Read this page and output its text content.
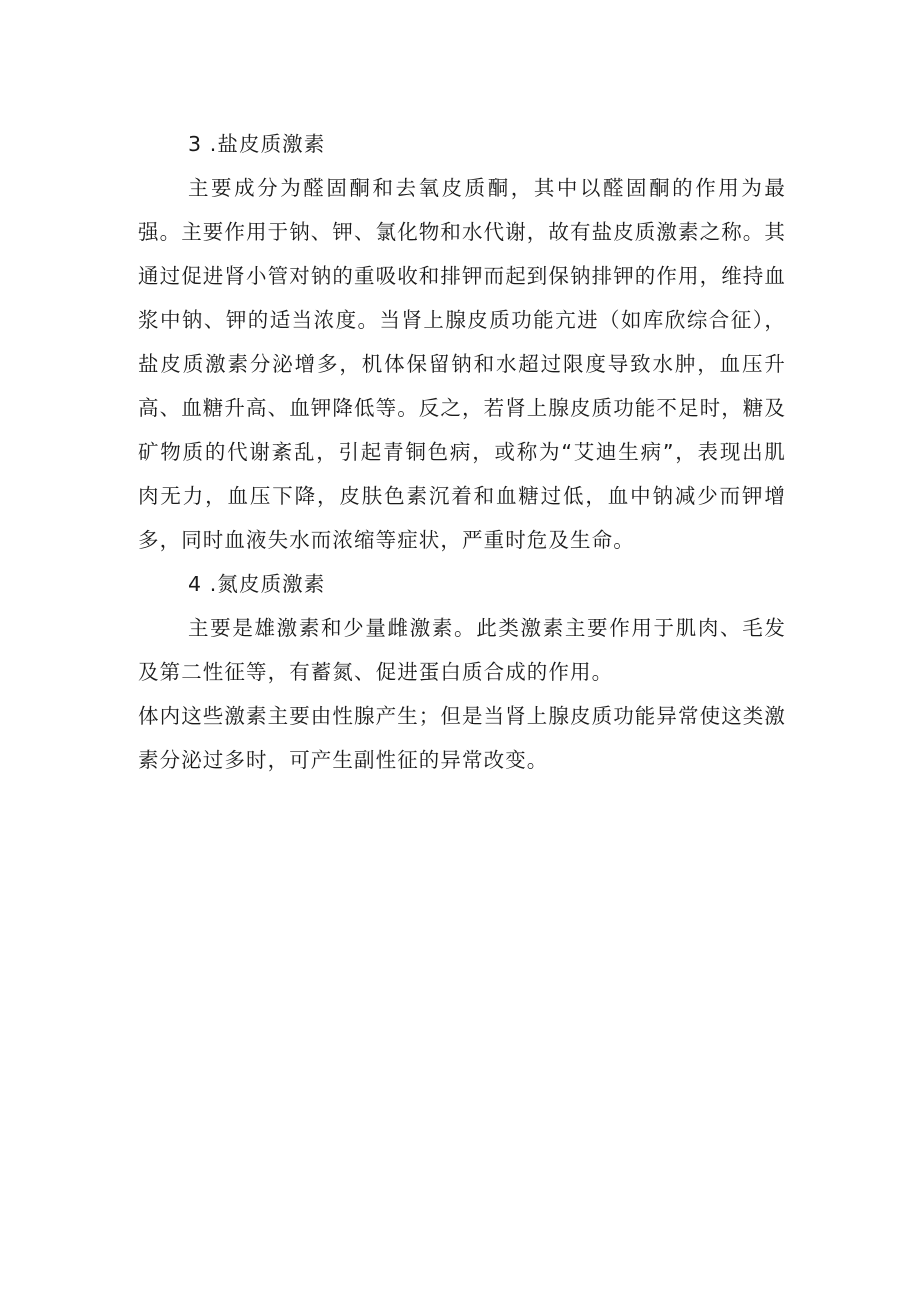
3 .盐皮质激素

主要成分为醛固酮和去氧皮质酮，其中以醛固酮的作用为最强。主要作用于钠、钾、氯化物和水代谢，故有盐皮质激素之称。其通过促进肾小管对钠的重吸收和排钾而起到保钠排钾的作用，维持血浆中钠、钾的适当浓度。当肾上腺皮质功能亢进（如库欣综合征），盐皮质激素分泌增多，机体保留钠和水超过限度导致水肿，血压升高、血糖升高、血钾降低等。反之，若肾上腺皮质功能不足时，糖及矿物质的代谢紊乱，引起青铜色病，或称为“艾迪生病”，表现出肌肉无力，血压下降，皮肤色素沉着和血糖过低，血中钠减少而钾增多，同时血液失水而浓缩等症状，严重时危及生命。

4 .氮皮质激素

主要是雄激素和少量雌激素。此类激素主要作用于肌肉、毛发及第二性征等，有蓄氮、促进蛋白质合成的作用。

体内这些激素主要由性腺产生；但是当肾上腺皮质功能异常使这类激素分泌过多时，可产生副性征的异常改变。
